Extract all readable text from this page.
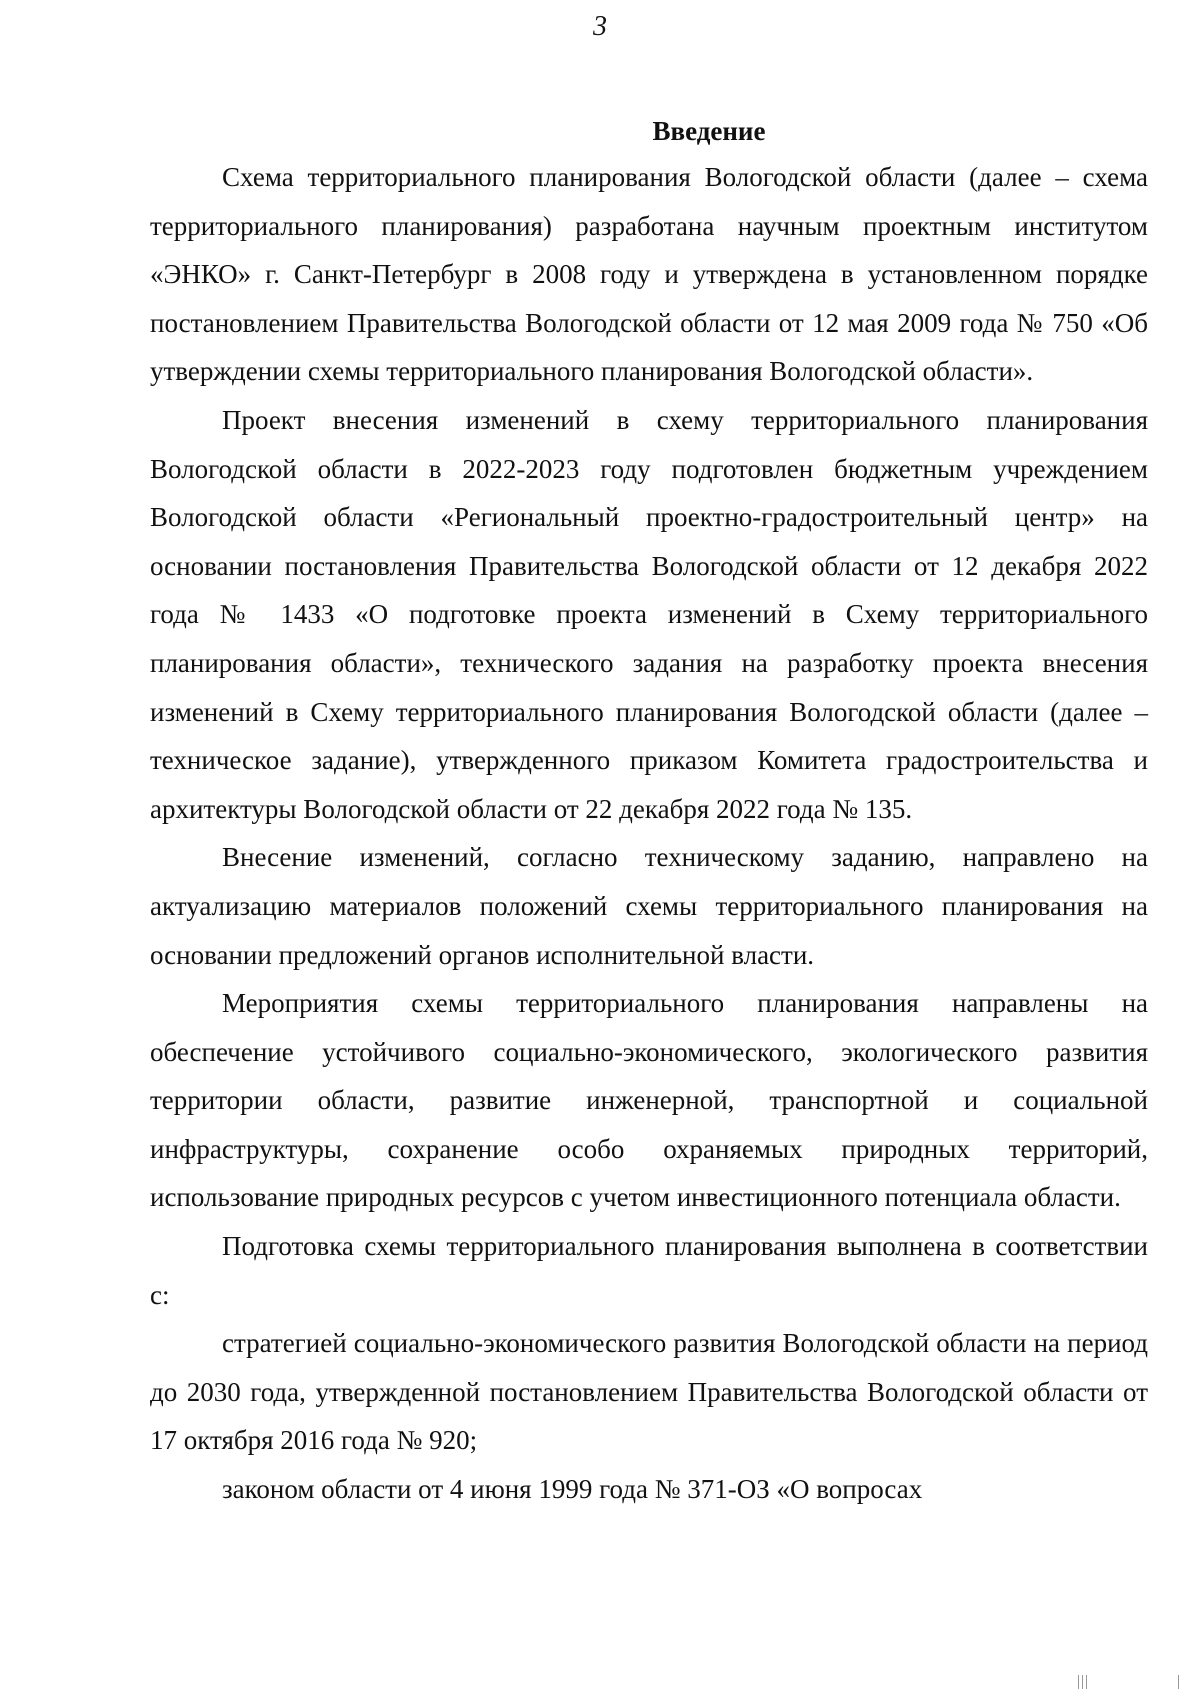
3
Введение

Схема территориального планирования Вологодской области (далее – схема территориального планирования) разработана научным проектным институтом «ЭНКО» г. Санкт-Петербург в 2008 году и утверждена в установленном порядке постановлением Правительства Вологодской области от 12 мая 2009 года № 750 «Об утверждении схемы территориального планирования Вологодской области».

Проект внесения изменений в схему территориального планирования Вологодской области в 2022-2023 году подготовлен бюджетным учреждением Вологодской области «Региональный проектно-градостроительный центр» на основании постановления Правительства Вологодской области от 12 декабря 2022 года № 1433 «О подготовке проекта изменений в Схему территориального планирования области», технического задания на разработку проекта внесения изменений в Схему территориального планирования Вологодской области (далее – техническое задание), утвержденного приказом Комитета градостроительства и архитектуры Вологодской области от 22 декабря 2022 года № 135.

Внесение изменений, согласно техническому заданию, направлено на актуализацию материалов положений схемы территориального планирования на основании предложений органов исполнительной власти.

Мероприятия схемы территориального планирования направлены на обеспечение устойчивого социально-экономического, экологического развития территории области, развитие инженерной, транспортной и социальной инфраструктуры, сохранение особо охраняемых природных территорий, использование природных ресурсов с учетом инвестиционного потенциала области.

Подготовка схемы территориального планирования выполнена в соответствии с:

стратегией социально-экономического развития Вологодской области на период до 2030 года, утвержденной постановлением Правительства Вологодской области от 17 октября 2016 года № 920;

законом области от 4 июня 1999 года № 371-ОЗ «О вопросах
